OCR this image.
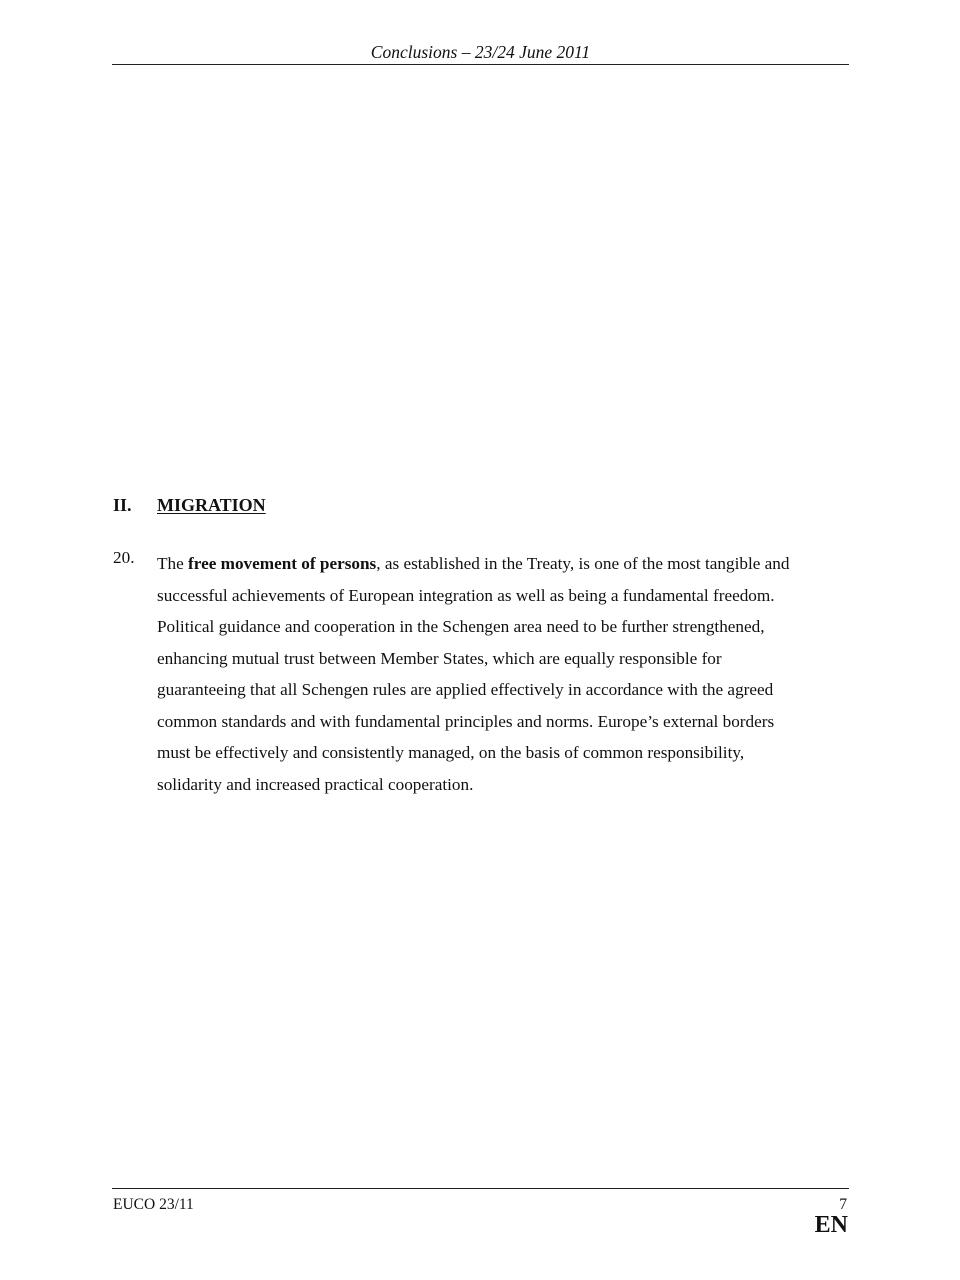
Conclusions – 23/24 June 2011
II. MIGRATION
20. The free movement of persons, as established in the Treaty, is one of the most tangible and
successful achievements of European integration as well as being a fundamental freedom.
Political guidance and cooperation in the Schengen area need to be further strengthened,
enhancing mutual trust between Member States, which are equally responsible for
guaranteeing that all Schengen rules are applied effectively in accordance with the agreed
common standards and with fundamental principles and norms. Europe’s external borders
must be effectively and consistently managed, on the basis of common responsibility,
solidarity and increased practical cooperation.
EUCO 23/11	7
EN
